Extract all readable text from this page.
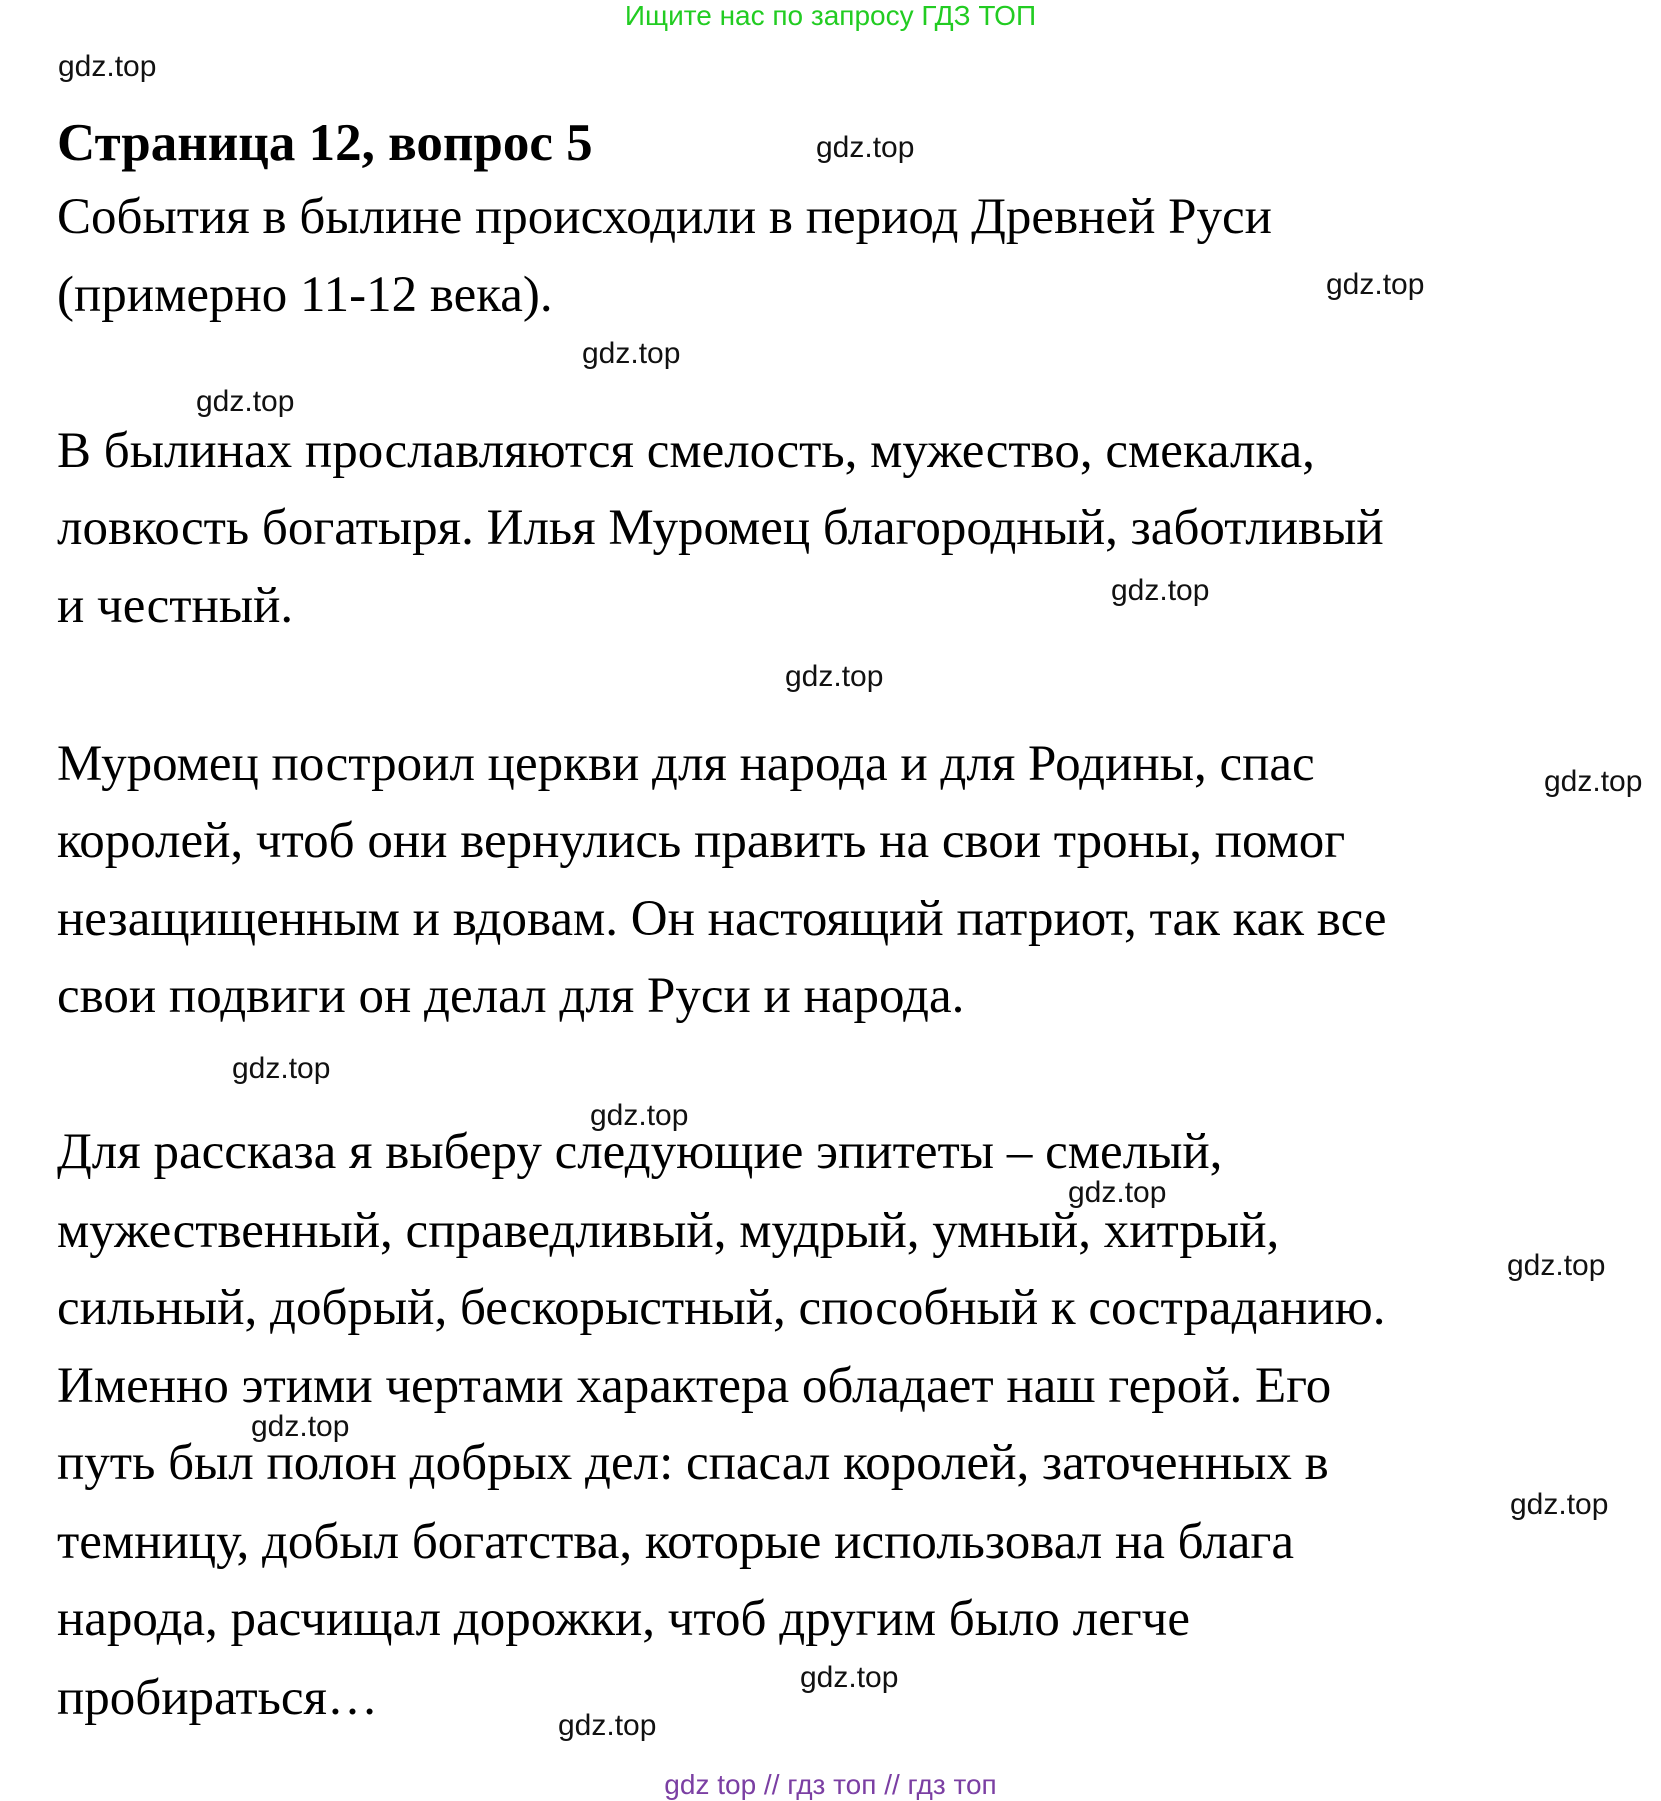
Ищите нас по запросу ГДЗ ТОП
Страница 12, вопрос 5
События в былине происходили в период Древней Руси
(примерно 11-12 века).
В былинах прославляются смелость, мужество, смекалка,
ловкость богатыря. Илья Муромец благородный, заботливый
и честный.
Муромец построил церкви для народа и для Родины, спас
королей, чтоб они вернулись править на свои троны, помог
незащищенным и вдовам. Он настоящий патриот, так как все
свои подвиги он делал для Руси и народа.
Для рассказа я выберу следующие эпитеты – смелый,
мужественный, справедливый, мудрый, умный, хитрый,
сильный, добрый, бескорыстный, способный к состраданию.
Именно этими чертами характера обладает наш герой. Его
путь был полон добрых дел: спасал королей, заточенных в
темницу, добыл богатства, которые использовал на блага
народа, расчищал дорожки, чтоб другим было легче
пробираться…
gdz.top
gdz.top
gdz.top
gdz.top
gdz.top
gdz.top
gdz.top
gdz.top
gdz.top
gdz.top
gdz.top
gdz.top
gdz.top
gdz.top
gdz.top
gdz.top
gdz top // гдз топ // гдз топ
